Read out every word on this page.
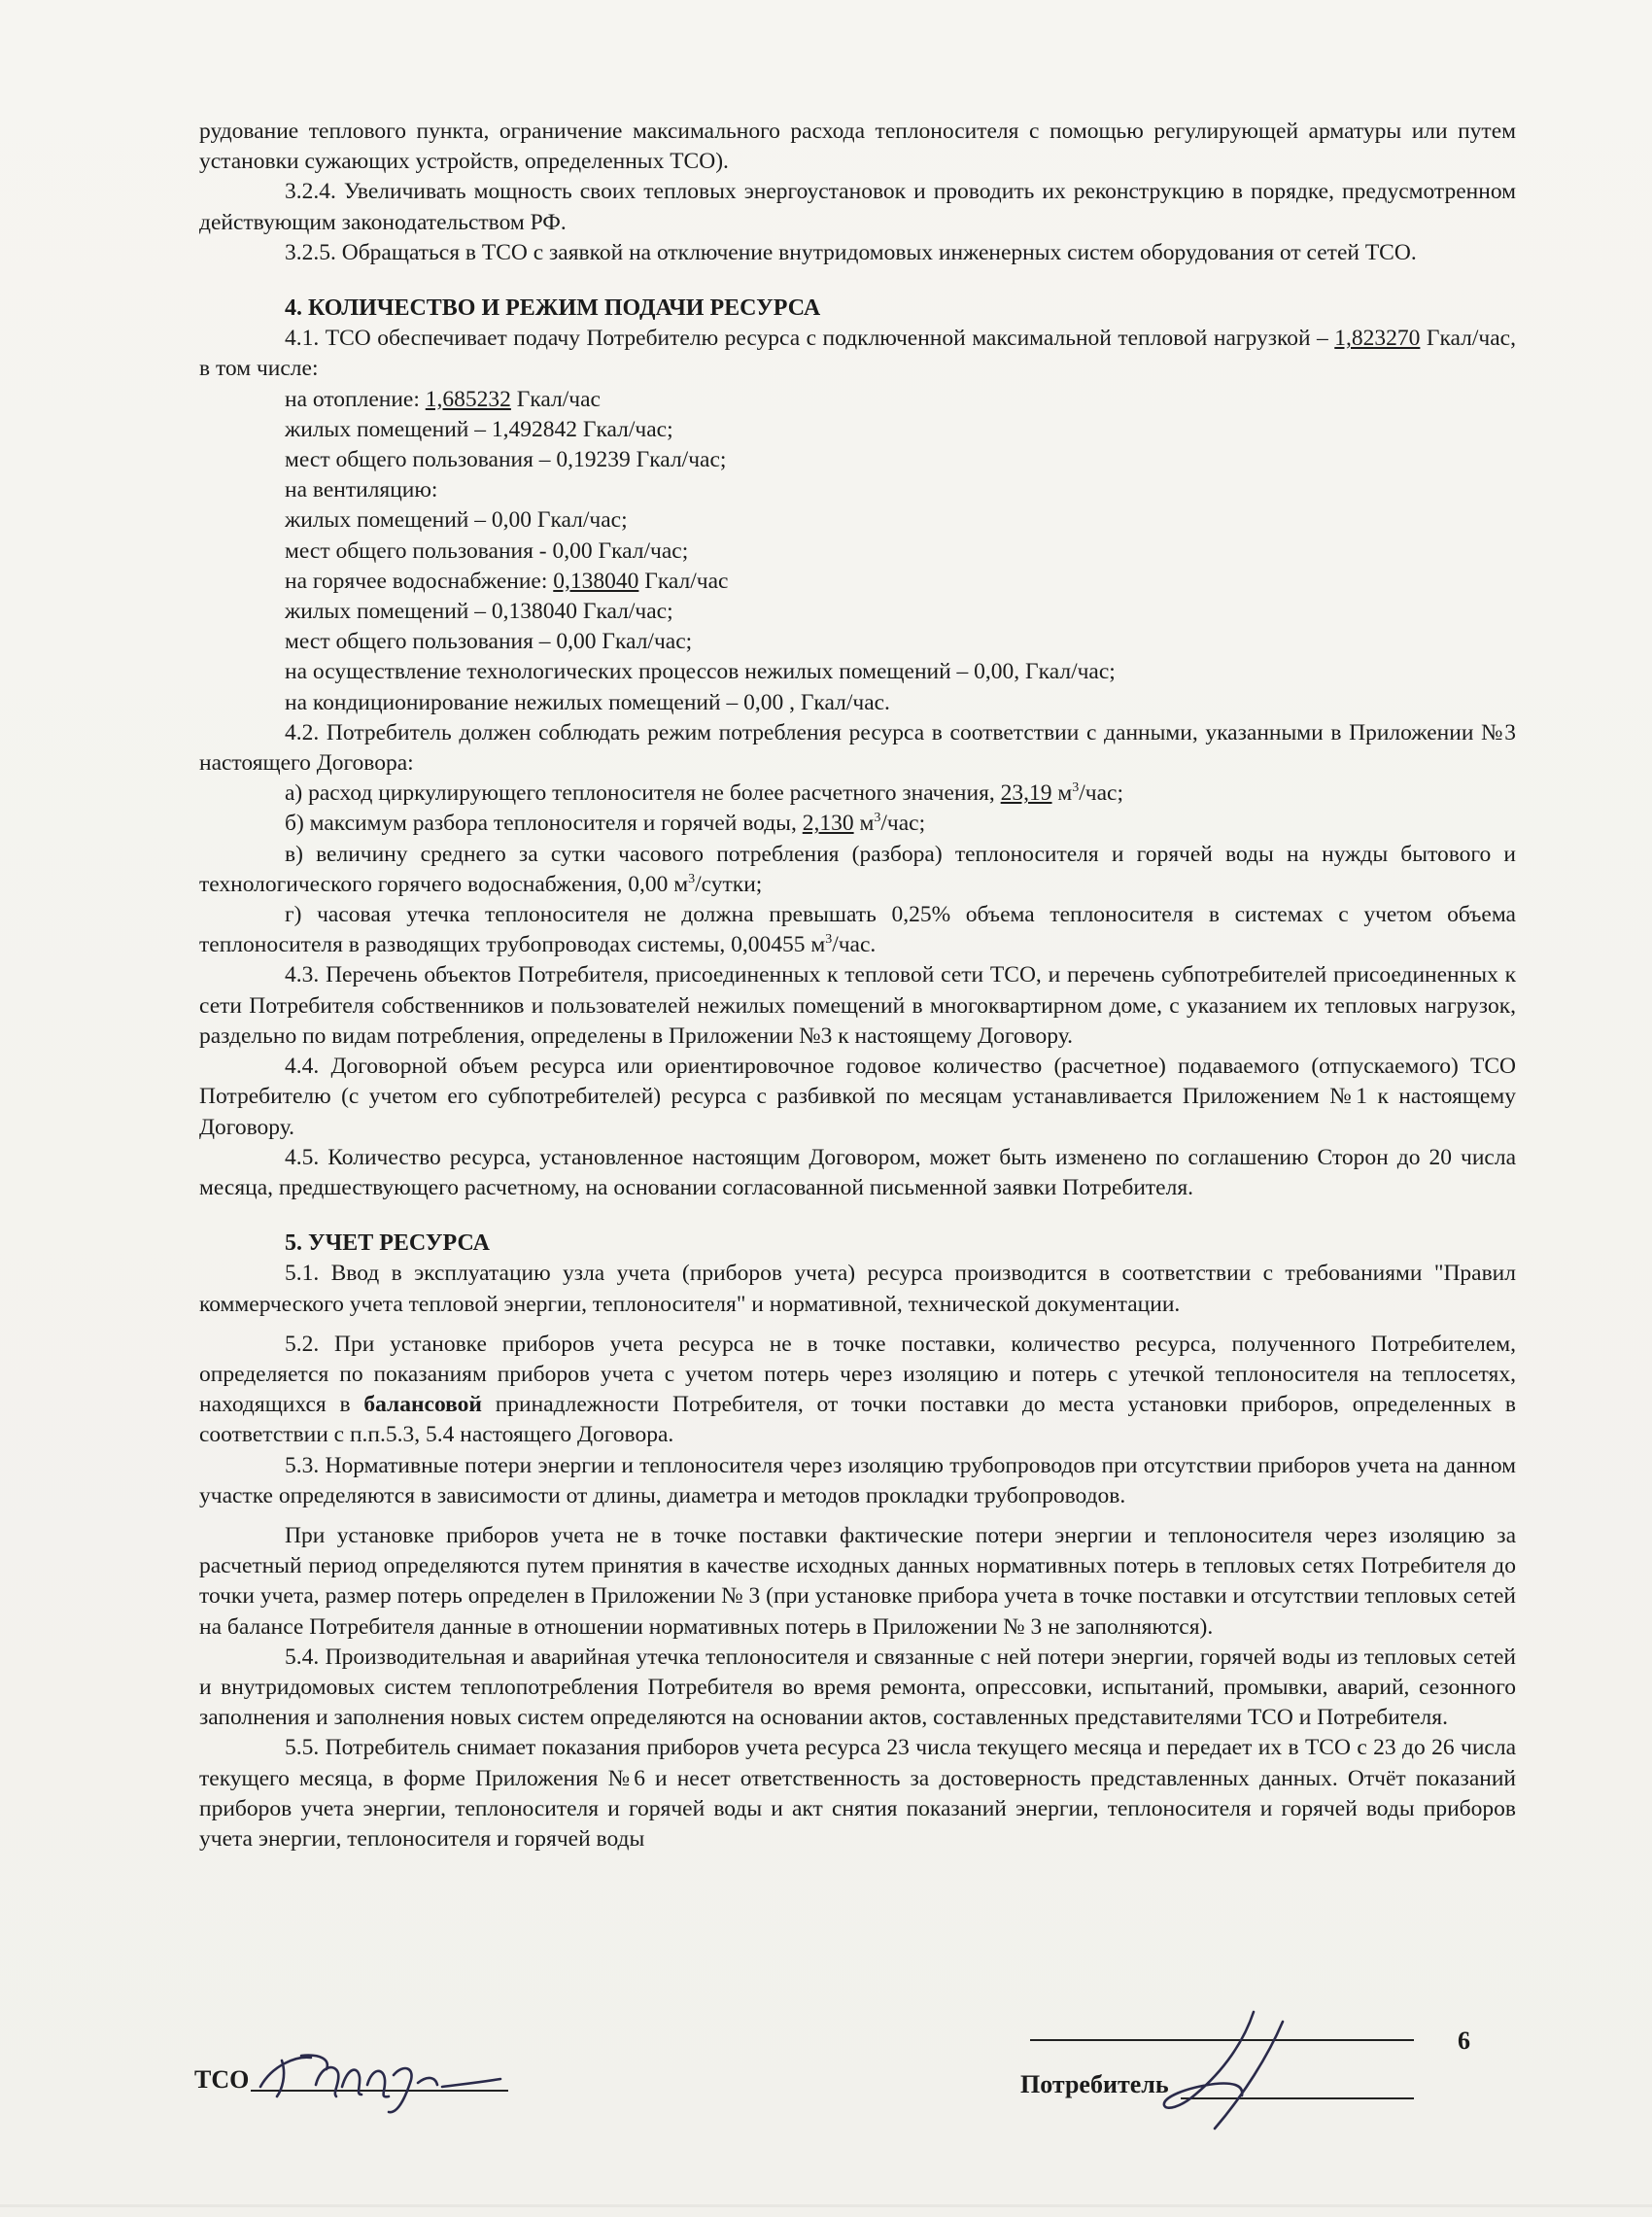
рудование теплового пункта, ограничение максимального расхода теплоносителя с помощью регулирующей арматуры или путем установки сужающих устройств, определенных ТСО).

3.2.4. Увеличивать мощность своих тепловых энергоустановок и проводить их реконструкцию в порядке, предусмотренном действующим законодательством РФ.

3.2.5. Обращаться в ТСО с заявкой на отключение внутридомовых инженерных систем оборудования от сетей ТСО.

4. КОЛИЧЕСТВО И РЕЖИМ ПОДАЧИ РЕСУРСА

4.1. ТСО обеспечивает подачу Потребителю ресурса с подключенной максимальной тепловой нагрузкой – 1,823270 Гкал/час, в том числе:

на отопление: 1,685232 Гкал/час
жилых помещений – 1,492842 Гкал/час;
мест общего пользования – 0,19239 Гкал/час;
на вентиляцию:
жилых помещений – 0,00 Гкал/час;
мест общего пользования - 0,00 Гкал/час;
на горячее водоснабжение: 0,138040 Гкал/час
жилых помещений – 0,138040 Гкал/час;
мест общего пользования – 0,00 Гкал/час;
на осуществление технологических процессов нежилых помещений – 0,00, Гкал/час;
на кондиционирование нежилых помещений – 0,00 , Гкал/час.

4.2. Потребитель должен соблюдать режим потребления ресурса в соответствии с данными, указанными в Приложении №3 настоящего Договора:

а) расход циркулирующего теплоносителя не более расчетного значения, 23,19 $м^3$/час;
б) максимум разбора теплоносителя и горячей воды, 2,130 $м^3$/час;

в) величину среднего за сутки часового потребления (разбора) теплоносителя и горячей воды на нужды бытового и технологического горячего водоснабжения, 0,00 $м^3$/сутки;

г) часовая утечка теплоносителя не должна превышать 0,25% объема теплоносителя в системах с учетом объема теплоносителя в разводящих трубопроводах системы, 0,00455 $м^3$/час.

4.3. Перечень объектов Потребителя, присоединенных к тепловой сети ТСО, и перечень субпотребителей присоединенных к сети Потребителя собственников и пользователей нежилых помещений в многоквартирном доме, с указанием их тепловых нагрузок, раздельно по видам потребления, определены в Приложении №3 к настоящему Договору.

4.4. Договорной объем ресурса или ориентировочное годовое количество (расчетное) подаваемого (отпускаемого) ТСО Потребителю (с учетом его субпотребителей) ресурса с разбивкой по месяцам устанавливается Приложением №1 к настоящему Договору.

4.5. Количество ресурса, установленное настоящим Договором, может быть изменено по соглашению Сторон до 20 числа месяца, предшествующего расчетному, на основании согласованной письменной заявки Потребителя.

5. УЧЕТ РЕСУРСА

5.1. Ввод в эксплуатацию узла учета (приборов учета) ресурса производится в соответствии с требованиями "Правил коммерческого учета тепловой энергии, теплоносителя" и нормативной, технической документации.

5.2. При установке приборов учета ресурса не в точке поставки, количество ресурса, полученного Потребителем, определяется по показаниям приборов учета с учетом потерь через изоляцию и потерь с утечкой теплоносителя на теплосетях, находящихся в балансовой принадлежности Потребителя, от точки поставки до места установки приборов, определенных в соответствии с п.п.5.3, 5.4 настоящего Договора.

5.3. Нормативные потери энергии и теплоносителя через изоляцию трубопроводов при отсутствии приборов учета на данном участке определяются в зависимости от длины, диаметра и методов прокладки трубопроводов.

При установке приборов учета не в точке поставки фактические потери энергии и теплоносителя через изоляцию за расчетный период определяются путем принятия в качестве исходных данных нормативных потерь в тепловых сетях Потребителя до точки учета, размер потерь определен в Приложении № 3 (при установке прибора учета в точке поставки и отсутствии тепловых сетей на балансе Потребителя данные в отношении нормативных потерь в Приложении № 3 не заполняются).

5.4. Производительная и аварийная утечка теплоносителя и связанные с ней потери энергии, горячей воды из тепловых сетей и внутридомовых систем теплопотребления Потребителя во время ремонта, опрессовки, испытаний, промывки, аварий, сезонного заполнения и заполнения новых систем определяются на основании актов, составленных представителями ТСО и Потребителя.

5.5. Потребитель снимает показания приборов учета ресурса 23 числа текущего месяца и передает их в ТСО с 23 до 26 числа текущего месяца, в форме Приложения №6 и несет ответственность за достоверность представленных данных. Отчёт показаний приборов учета энергии, теплоносителя и горячей воды и акт снятия показаний энергии, теплоносителя и горячей воды приборов учета энергии, теплоносителя и горячей воды

ТСО
6
Потребитель
